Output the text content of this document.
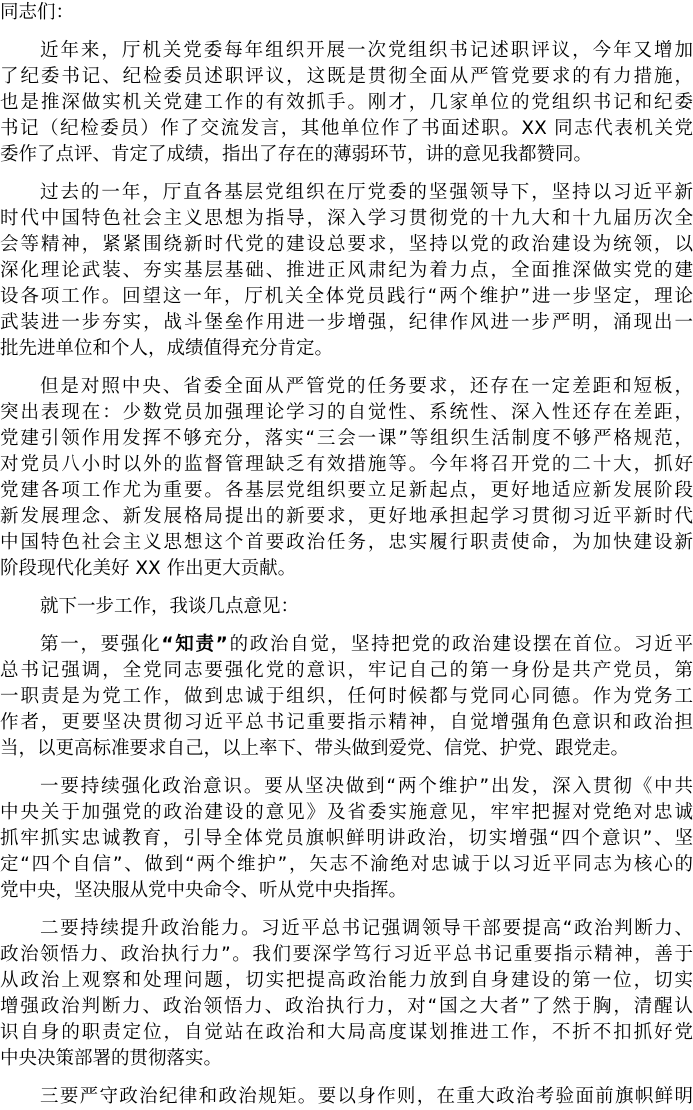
同志们：
近年来，厅机关党委每年组织开展一次党组织书记述职评议，今年又增加
了纪委书记、纪检委员述职评议，这既是贯彻全面从严管党要求的有力措施，
也是推深做实机关党建工作的有效抓手。刚才，几家单位的党组织书记和纪委
书记（纪检委员）作了交流发言，其他单位作了书面述职。XX 同志代表机关党
委作了点评、肯定了成绩，指出了存在的薄弱环节，讲的意见我都赞同。
过去的一年，厅直各基层党组织在厅党委的坚强领导下，坚持以习近平新
时代中国特色社会主义思想为指导，深入学习贯彻党的十九大和十九届历次全
会等精神，紧紧围绕新时代党的建设总要求，坚持以党的政治建设为统领，以
深化理论武装、夯实基层基础、推进正风肃纪为着力点，全面推深做实党的建
设各项工作。回望这一年，厅机关全体党员践行“两个维护”进一步坚定，理论
武装进一步夯实，战斗堡垒作用进一步增强，纪律作风进一步严明，涌现出一
批先进单位和个人，成绩值得充分肯定。
但是对照中央、省委全面从严管党的任务要求，还存在一定差距和短板，
突出表现在：少数党员加强理论学习的自觉性、系统性、深入性还存在差距，
党建引领作用发挥不够充分，落实“三会一课”等组织生活制度不够严格规范，
对党员八小时以外的监督管理缺乏有效措施等。今年将召开党的二十大，抓好
党建各项工作尤为重要。各基层党组织要立足新起点，更好地适应新发展阶段
新发展理念、新发展格局提出的新要求，更好地承担起学习贯彻习近平新时代
中国特色社会主义思想这个首要政治任务，忠实履行职责使命，为加快建设新
阶段现代化美好 XX 作出更大贡献。
就下一步工作，我谈几点意见：
第一，要强化“知责”的政治自觉，坚持把党的政治建设摆在首位。习近平
总书记强调，全党同志要强化党的意识，牢记自己的第一身份是共产党员，第
一职责是为党工作，做到忠诚于组织，任何时候都与党同心同德。作为党务工
作者，更要坚决贯彻习近平总书记重要指示精神，自觉增强角色意识和政治担
当，以更高标准要求自己，以上率下、带头做到爱党、信党、护党、跟党走。
一要持续强化政治意识。要从坚决做到“两个维护”出发，深入贯彻《中共
中央关于加强党的政治建设的意见》及省委实施意见，牢牢把握对党绝对忠诚
抓牢抓实忠诚教育，引导全体党员旗帜鲜明讲政治，切实增强“四个意识”、坚
定“四个自信”、做到“两个维护”，矢志不渝绝对忠诚于以习近平同志为核心的
党中央，坚决服从党中央命令、听从党中央指挥。
二要持续提升政治能力。习近平总书记强调领导干部要提高“政治判断力、
政治领悟力、政治执行力”。我们要深学笃行习近平总书记重要指示精神，善于
从政治上观察和处理问题，切实把提高政治能力放到自身建设的第一位，切实
增强政治判断力、政治领悟力、政治执行力，对“国之大者”了然于胸，清醒认
识自身的职责定位，自觉站在政治和大局高度谋划推进工作，不折不扣抓好党
中央决策部署的贯彻落实。
三要严守政治纪律和政治规矩。要以身作则，在重大政治考验面前旗帜鲜明
